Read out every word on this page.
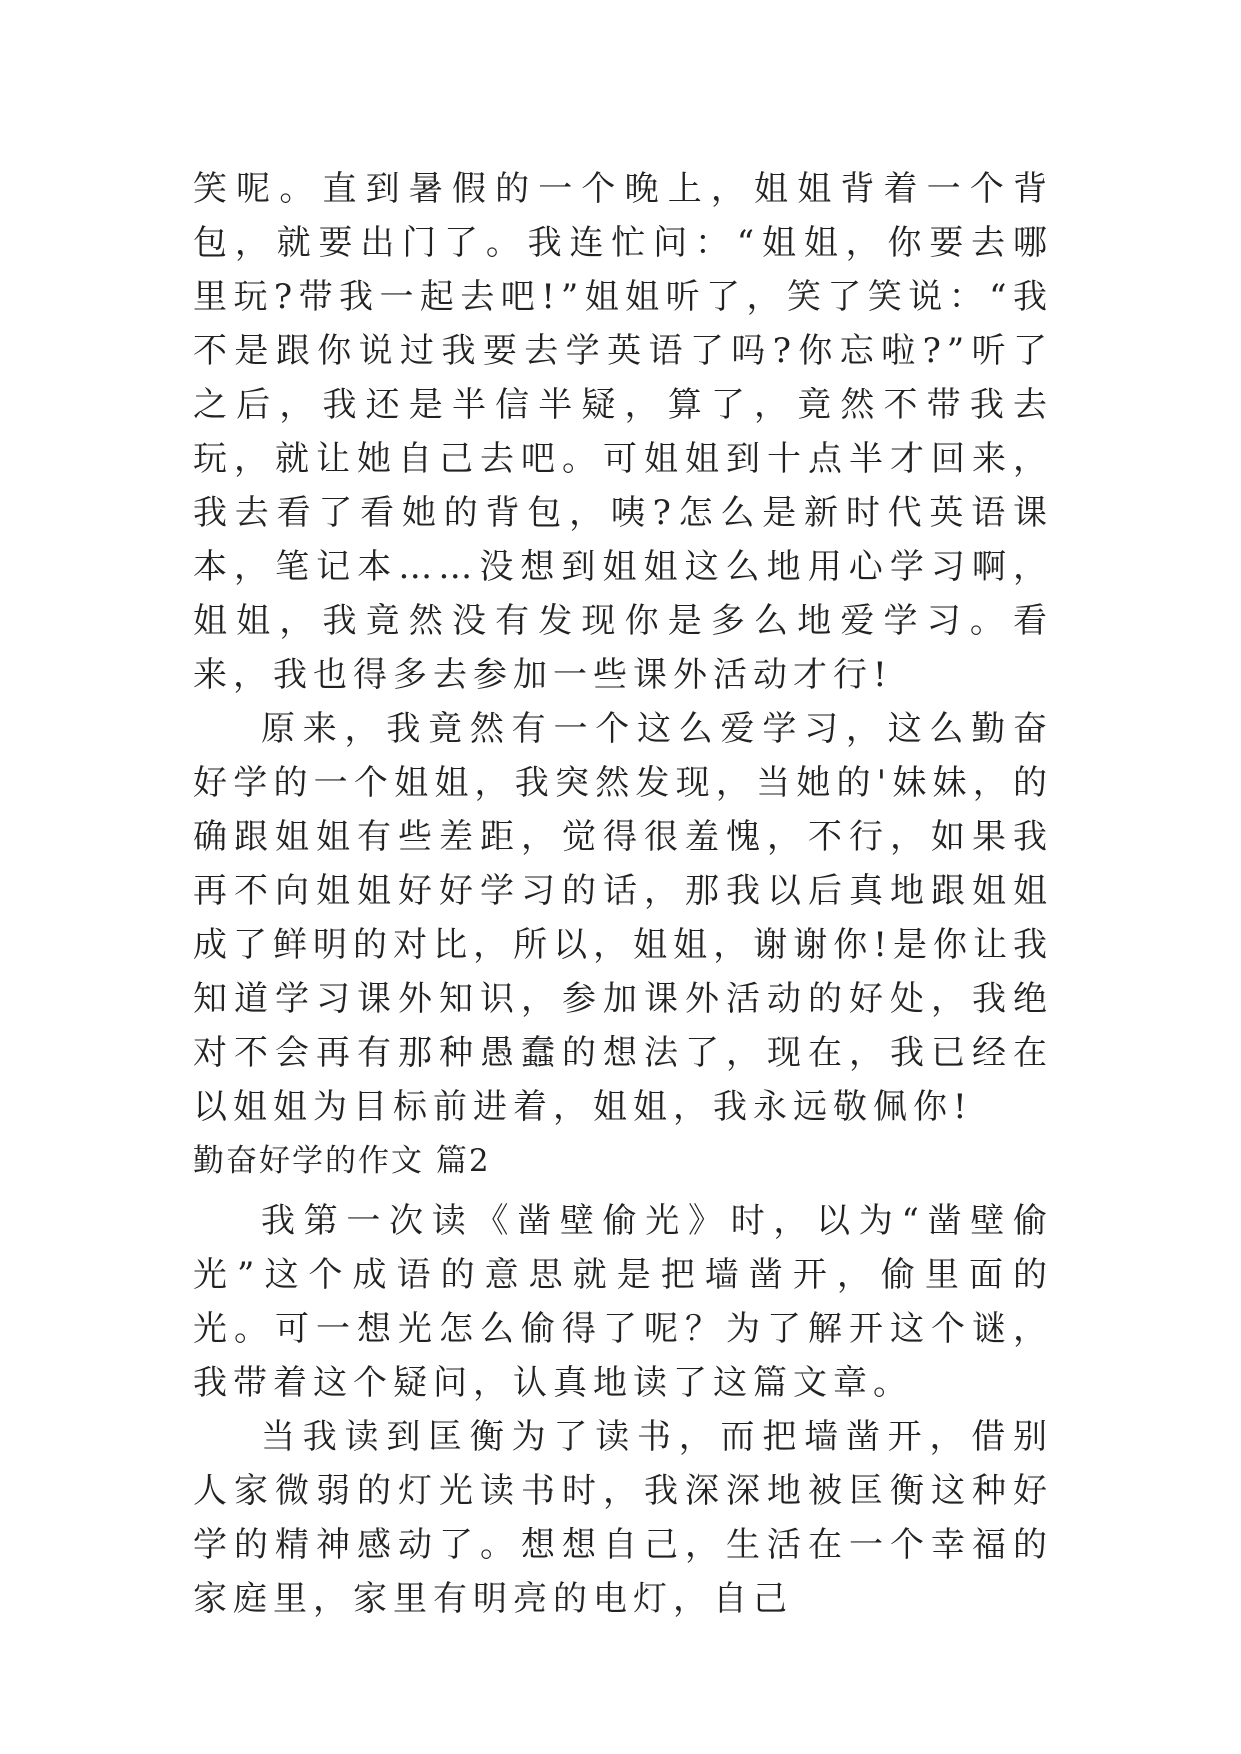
笑呢。直到暑假的一个晚上，姐姐背着一个背包，就要出门了。我连忙问：“姐姐，你要去哪里玩?带我一起去吧!”姐姐听了，笑了笑说：“我不是跟你说过我要去学英语了吗?你忘啦?”听了之后，我还是半信半疑，算了，竟然不带我去玩，就让她自己去吧。可姐姐到十点半才回来，我去看了看她的背包，咦?怎么是新时代英语课本，笔记本……没想到姐姐这么地用心学习啊，姐姐，我竟然没有发现你是多么地爱学习。看来，我也得多去参加一些课外活动才行!

原来，我竟然有一个这么爱学习，这么勤奋好学的一个姐姐，我突然发现，当她的'妹妹，的确跟姐姐有些差距，觉得很羞愧，不行，如果我再不向姐姐好好学习的话，那我以后真地跟姐姐成了鲜明的对比，所以，姐姐，谢谢你!是你让我知道学习课外知识，参加课外活动的好处，我绝对不会再有那种愚蠢的想法了，现在，我已经在以姐姐为目标前进着，姐姐，我永远敬佩你!

勤奋好学的作文 篇2

我第一次读《凿壁偷光》时，以为“凿壁偷光”这个成语的意思就是把墙凿开，偷里面的光。可一想光怎么偷得了呢？为了解开这个谜，我带着这个疑问，认真地读了这篇文章。

当我读到匡衡为了读书，而把墙凿开，借别人家微弱的灯光读书时，我深深地被匡衡这种好学的精神感动了。想想自己，生活在一个幸福的家庭里，家里有明亮的电灯，自己
